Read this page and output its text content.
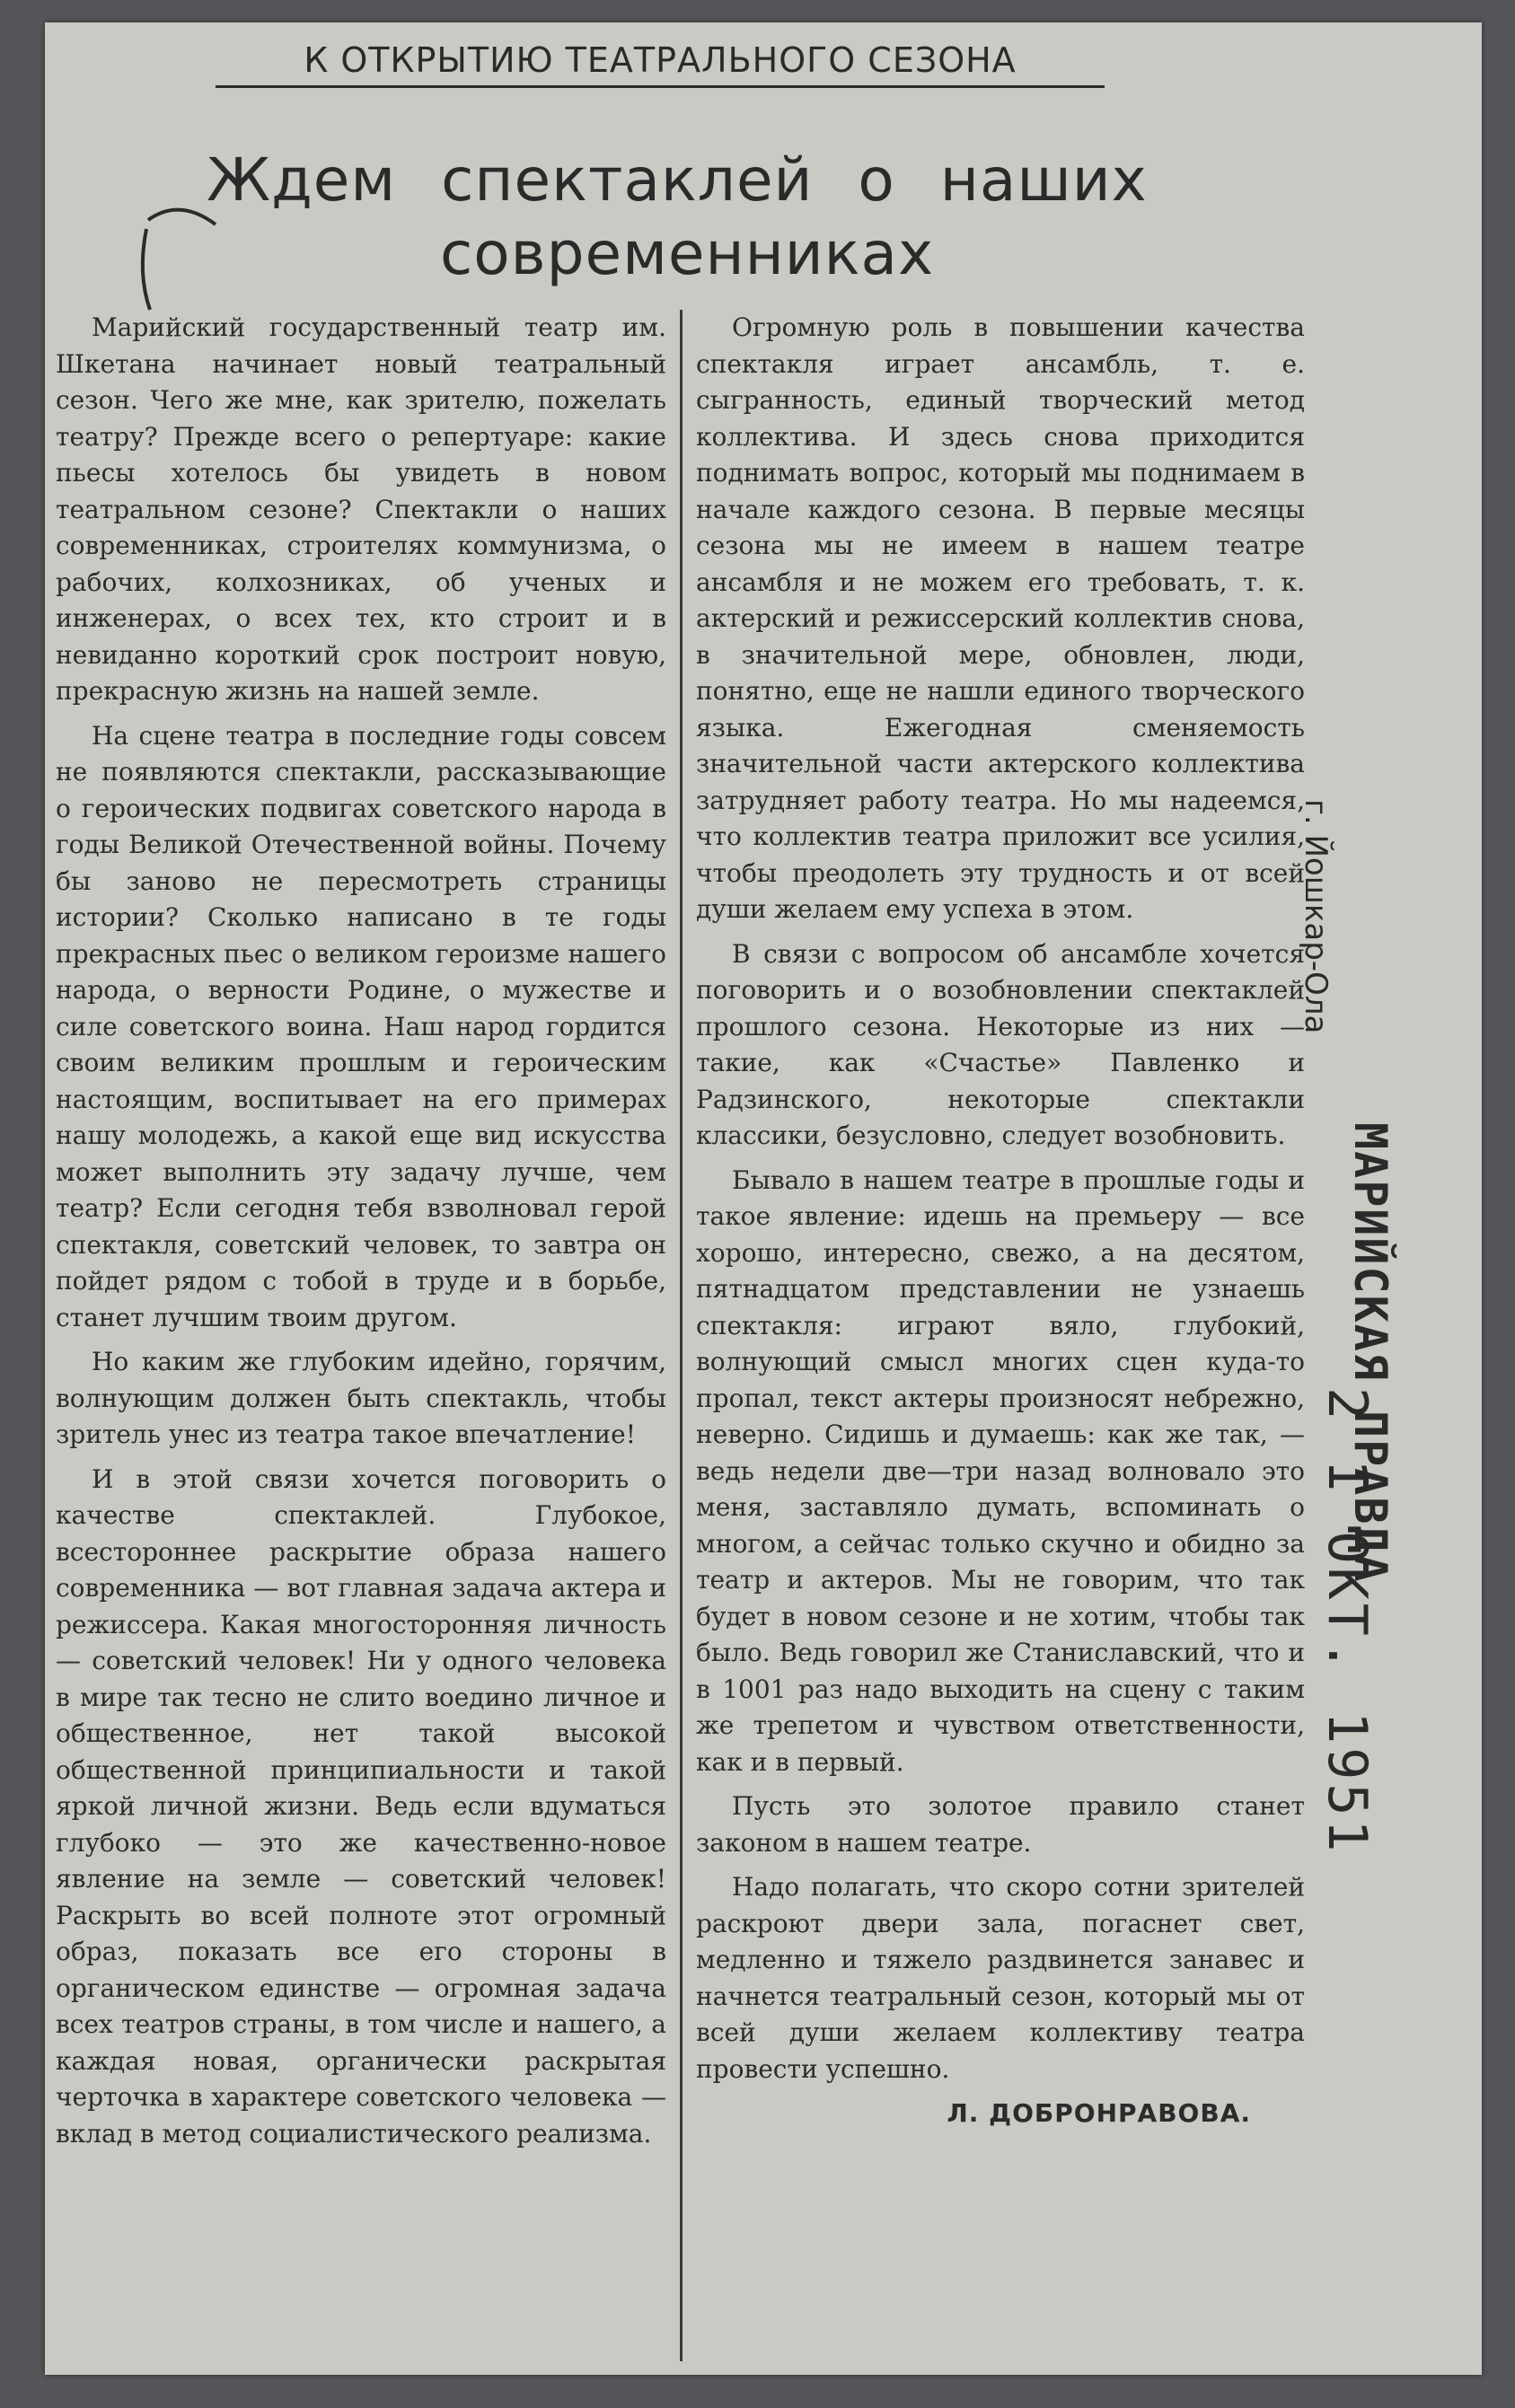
К ОТКРЫТИЮ ТЕАТРАЛЬНОГО СЕЗОНА
Ждем спектаклей о наших
современниках

Марийский государственный театр им. Шкетана начинает новый театральный сезон. Чего же мне, как зрителю, пожелать театру? Прежде всего о репертуаре: какие пьесы хотелось бы увидеть в новом театральном сезоне? Спектакли о наших современниках, строителях коммунизма, о рабочих, колхозниках, об ученых и инженерах, о всех тех, кто строит и в невиданно короткий срок построит новую, прекрасную жизнь на нашей земле.

На сцене театра в последние годы совсем не появляются спектакли, рассказывающие о героических подвигах советского народа в годы Великой Отечественной войны. Почему бы заново не пересмотреть страницы истории? Сколько написано в те годы прекрасных пьес о великом героизме нашего народа, о верности Родине, о мужестве и силе советского воина. Наш народ гордится своим великим прошлым и героическим настоящим, воспитывает на его примерах нашу молодежь, а какой еще вид искусства может выполнить эту задачу лучше, чем театр? Если сегодня тебя взволновал герой спектакля, советский человек, то завтра он пойдет рядом с тобой в труде и в борьбе, станет лучшим твоим другом.

Но каким же глубоким идейно, горячим, волнующим должен быть спектакль, чтобы зритель унес из театра такое впечатление!

И в этой связи хочется поговорить о качестве спектаклей. Глубокое, всестороннее раскрытие образа нашего современника — вот главная задача актера и режиссера. Какая многосторонняя личность — советский человек! Ни у одного человека в мире так тесно не слито воедино личное и общественное, нет такой высокой общественной принципиальности и такой яркой личной жизни. Ведь если вдуматься глубоко — это же качественно-новое явление на земле — советский человек! Раскрыть во всей полноте этот огромный образ, показать все его стороны в органическом единстве — огромная задача всех театров страны, в том числе и нашего, а каждая новая, органически раскрытая черточка в характере советского человека — вклад в метод социалистического реализма.

Огромную роль в повышении качества спектакля играет ансамбль, т. е. сыгранность, единый творческий метод коллектива. И здесь снова приходится поднимать вопрос, который мы поднимаем в начале каждого сезона. В первые месяцы сезона мы не имеем в нашем театре ансамбля и не можем его требовать, т. к. актерский и режиссерский коллектив снова, в значительной мере, обновлен, люди, понятно, еще не нашли единого творческого языка. Ежегодная сменяемость значительной части актерского коллектива затрудняет работу театра. Но мы надеемся, что коллектив театра приложит все усилия, чтобы преодолеть эту трудность и от всей души желаем ему успеха в этом.

В связи с вопросом об ансамбле хочется поговорить и о возобновлении спектаклей прошлого сезона. Некоторые из них — такие, как «Счастье» Павленко и Радзинского, некоторые спектакли классики, безусловно, следует возобновить.

Бывало в нашем театре в прошлые годы и такое явление: идешь на премьеру — все хорошо, интересно, свежо, а на десятом, пятнадцатом представлении не узнаешь спектакля: играют вяло, глубокий, волнующий смысл многих сцен куда-то пропал, текст актеры произносят небрежно, неверно. Сидишь и думаешь: как же так, — ведь недели две—три назад волновало это меня, заставляло думать, вспоминать о многом, а сейчас только скучно и обидно за театр и актеров. Мы не говорим, что так будет в новом сезоне и не хотим, чтобы так было. Ведь говорил же Станиславский, что и в 1001 раз надо выходить на сцену с таким же трепетом и чувством ответственности, как и в первый.

Пусть это золотое правило станет законом в нашем театре.

Надо полагать, что скоро сотни зрителей раскроют двери зала, погаснет свет, медленно и тяжело раздвинется занавес и начнется театральный сезон, который мы от всей души желаем коллективу театра провести успешно.

Л. ДОБРОНРАВОВА.
МАРИЙСКАЯ ПРАВДА
г. Йошкар-Ола
2 1 ОКТ. 1951
